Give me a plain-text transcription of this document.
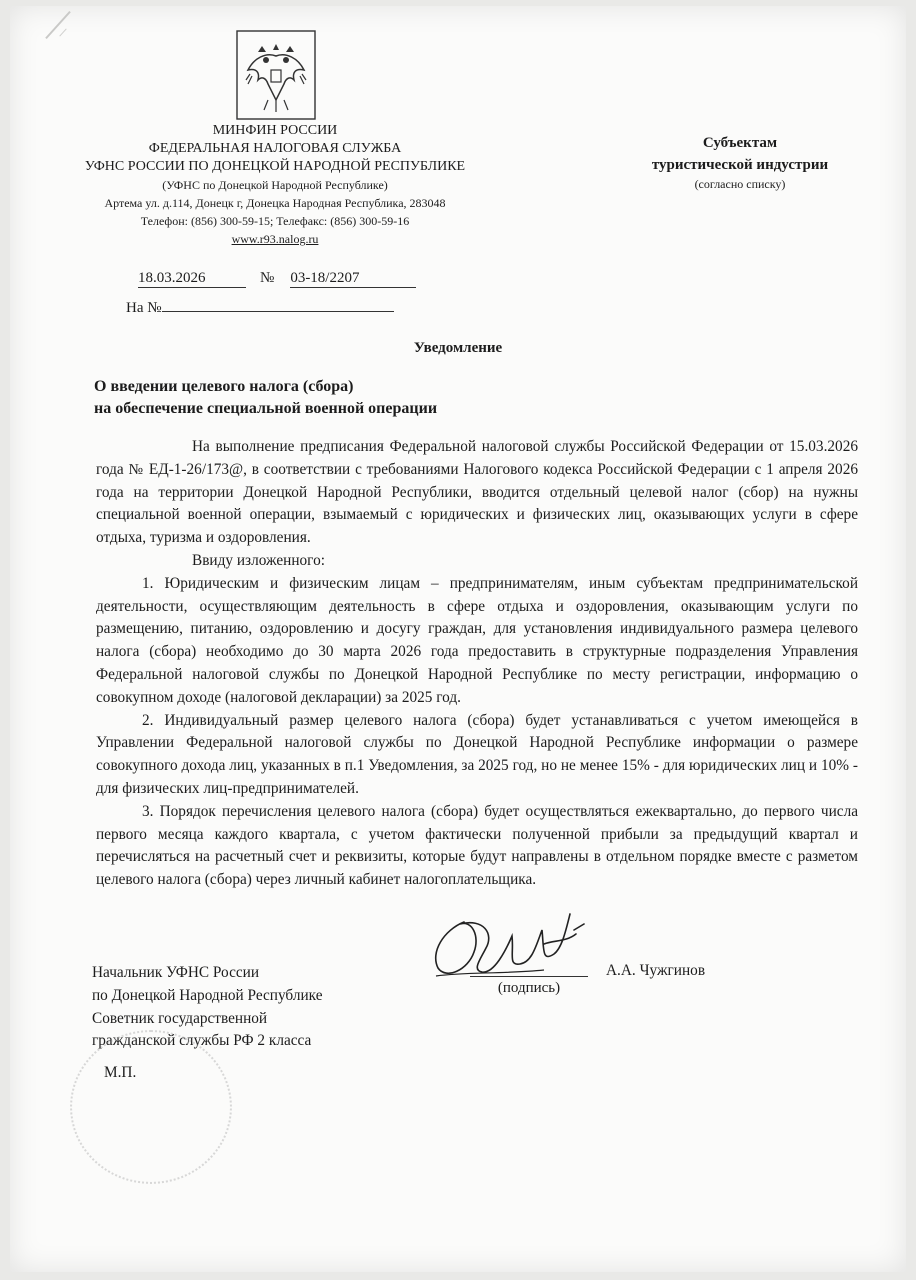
МИНФИН РОССИИ
ФЕДЕРАЛЬНАЯ НАЛОГОВАЯ СЛУЖБА
УФНС РОССИИ ПО ДОНЕЦКОЙ НАРОДНОЙ РЕСПУБЛИКЕ
(УФНС по Донецкой Народной Республике)
Артема ул. д.114, Донецк г, Донецка Народная Республика, 283048
Телефон: (856) 300-59-15; Телефакс: (856) 300-59-16
www.r93.nalog.ru
Субъектам
туристической индустрии
(согласно списку)
18.03.2026	№ 03-18/2207
На №
Уведомление
О введении целевого налога (сбора)
на обеспечение специальной военной операции

На выполнение предписания Федеральной налоговой службы Российской Федерации от 15.03.2026 года № ЕД-1-26/173@, в соответствии с требованиями Налогового кодекса Российской Федерации с 1 апреля 2026 года на территории Донецкой Народной Республики, вводится отдельный целевой налог (сбор) на нужны специальной военной операции, взымаемый с юридических и физических лиц, оказывающих услуги в сфере отдыха, туризма и оздоровления.

Ввиду изложенного:

1. Юридическим и физическим лицам – предпринимателям, иным субъектам предпринимательской деятельности, осуществляющим деятельность в сфере отдыха и оздоровления, оказывающим услуги по размещению, питанию, оздоровлению и досугу граждан, для установления индивидуального размера целевого налога (сбора) необходимо до 30 марта 2026 года предоставить в структурные подразделения Управления Федеральной налоговой службы по Донецкой Народной Республике по месту регистрации, информацию о совокупном доходе (налоговой декларации) за 2025 год.

2. Индивидуальный размер целевого налога (сбора) будет устанавливаться с учетом имеющейся в Управлении Федеральной налоговой службы по Донецкой Народной Республике информации о размере совокупного дохода лиц, указанных в п.1 Уведомления, за 2025 год, но не менее 15% - для юридических лиц и 10% - для физических лиц-предпринимателей.

3. Порядок перечисления целевого налога (сбора) будет осуществляться ежеквартально, до первого числа первого месяца каждого квартала, с учетом фактически полученной прибыли за предыдущий квартал и перечисляться на расчетный счет и реквизиты, которые будут направлены в отдельном порядке вместе с разметом целевого налога (сбора) через личный кабинет налогоплательщика.

Начальник УФНС России
по Донецкой Народной Республике
Советник государственной
гражданской службы РФ 2 класса
М.П.
(подпись)
А.А. Чужгинов
